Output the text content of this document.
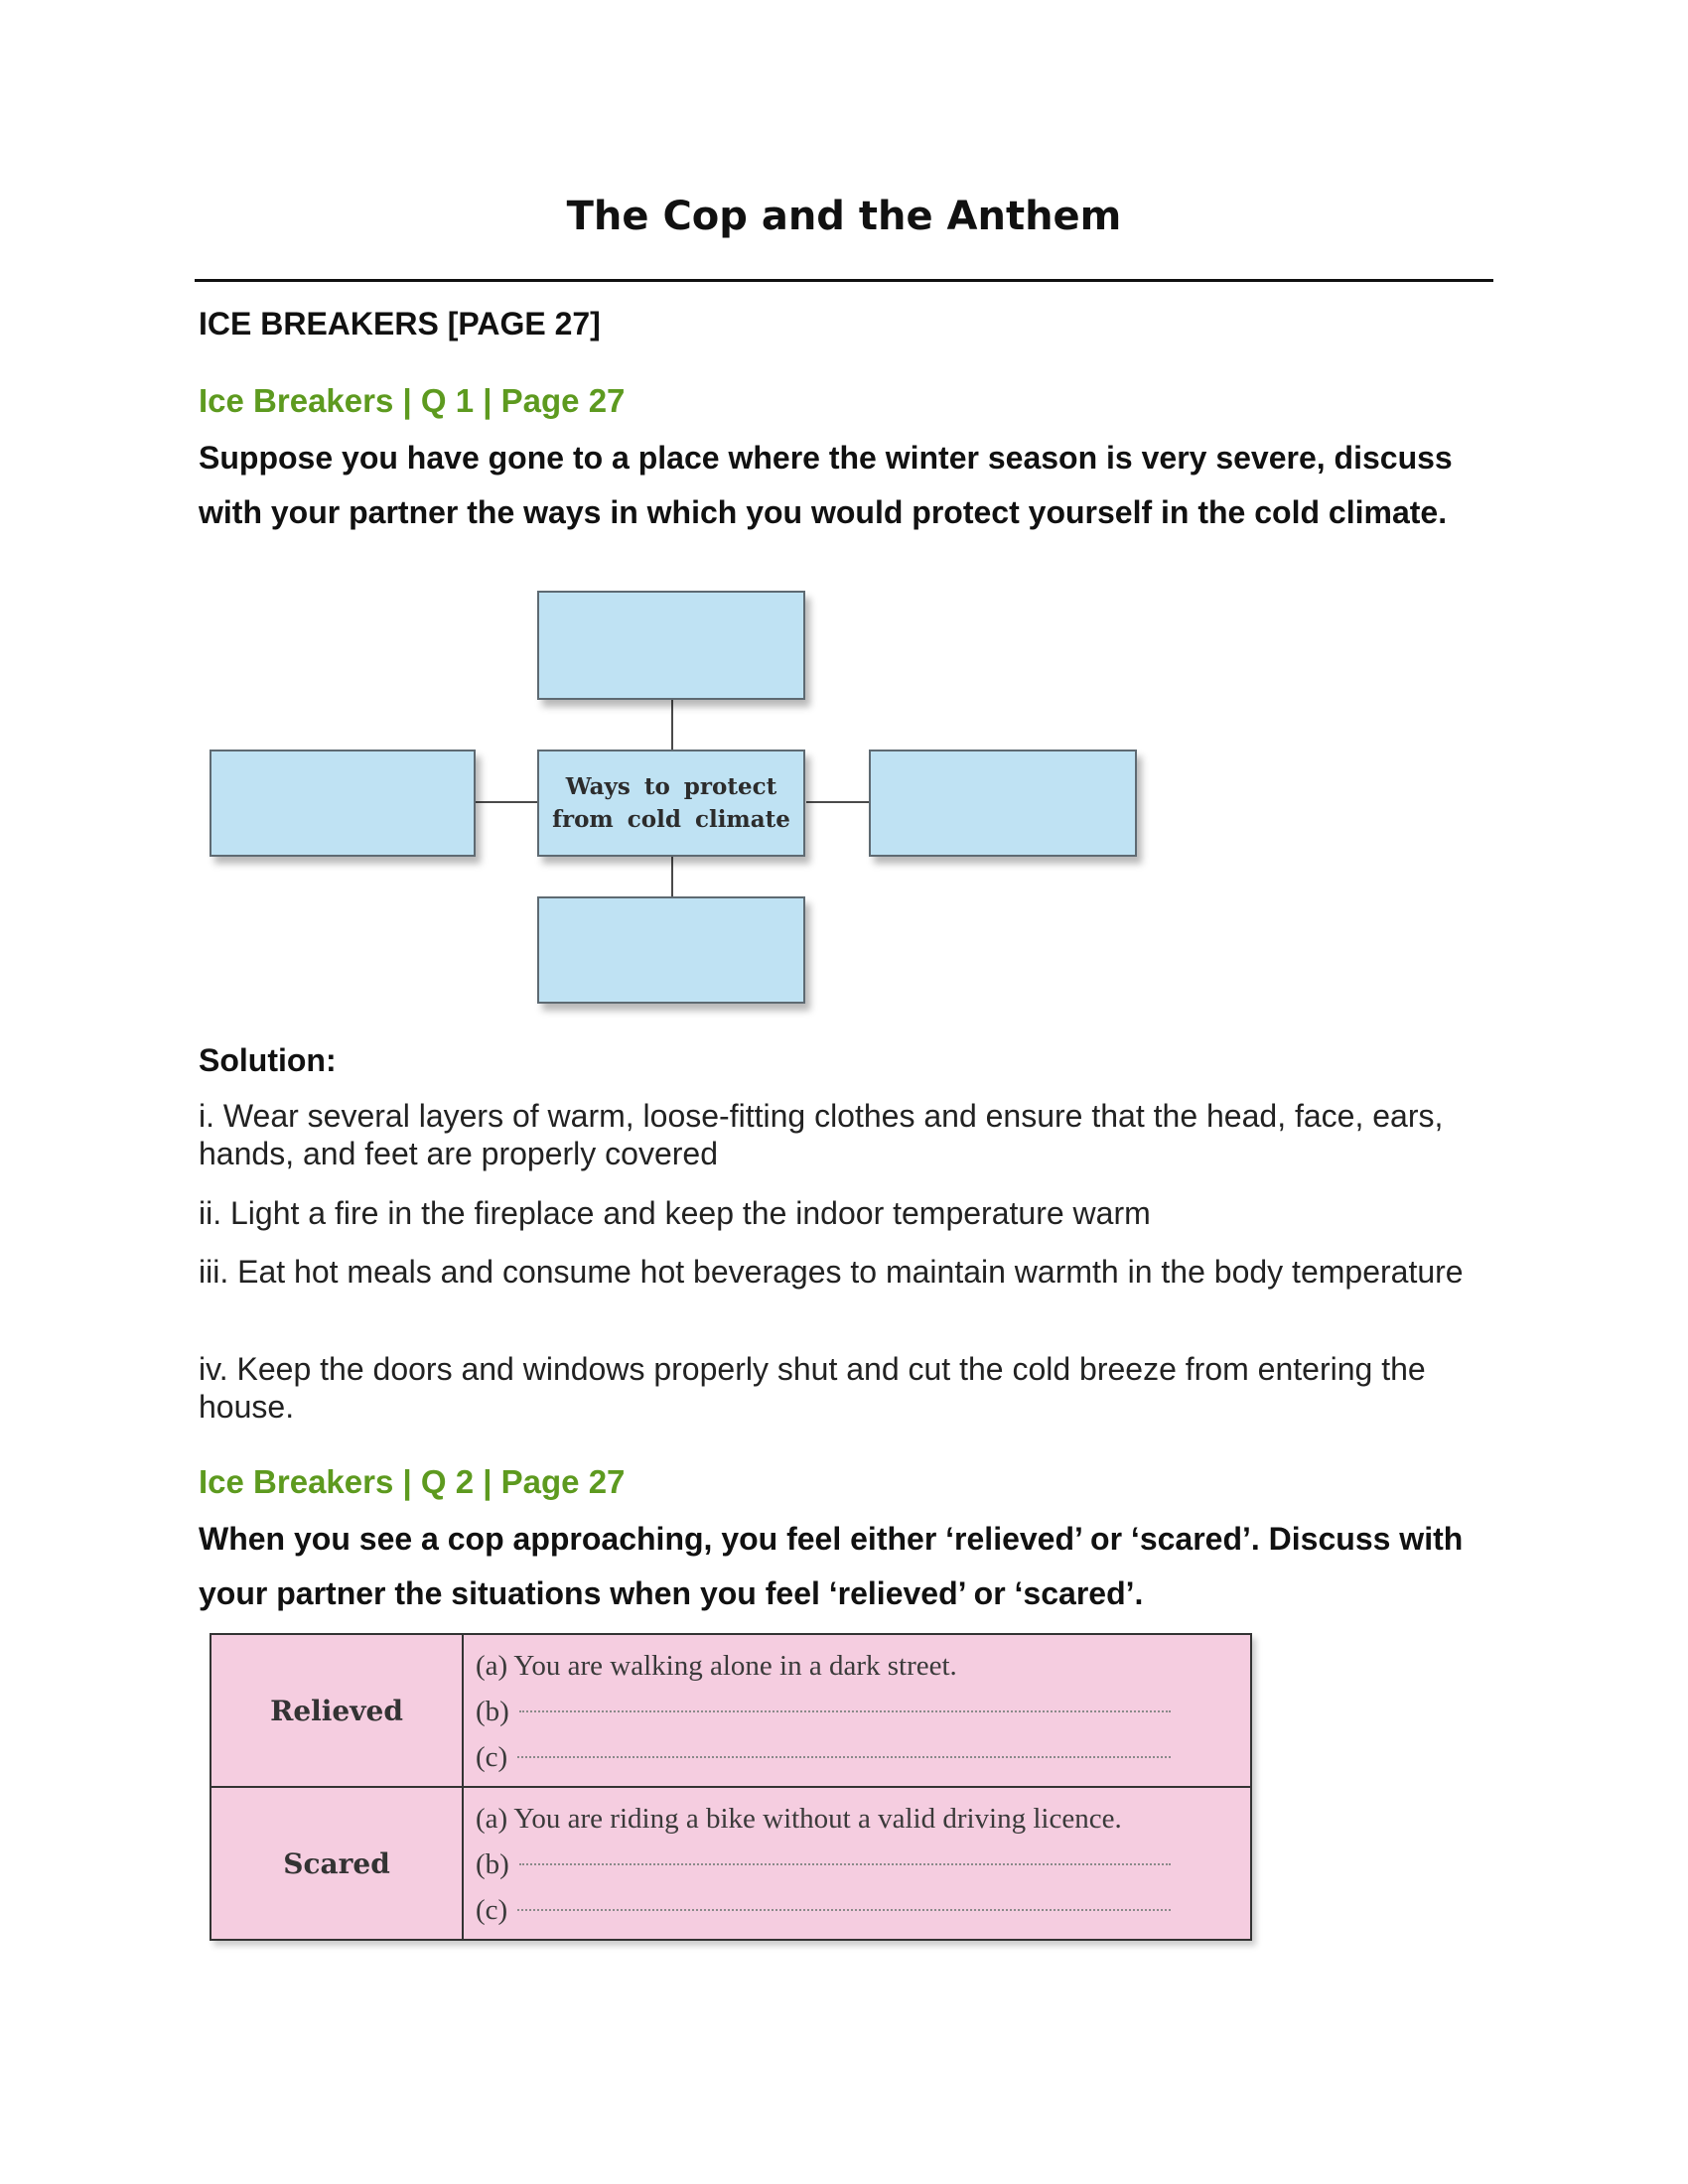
The Cop and the Anthem
ICE BREAKERS [PAGE 27]
Ice Breakers | Q 1 | Page 27

Suppose you have gone to a place where the winter season is very severe, discuss with your partner the ways in which you would protect yourself in the cold climate.

Ways to protect
from cold climate

Solution:

i. Wear several layers of warm, loose-fitting clothes and ensure that the head, face, ears, hands, and feet are properly covered

ii. Light a fire in the fireplace and keep the indoor temperature warm

iii. Eat hot meals and consume hot beverages to maintain warmth in the body temperature

iv. Keep the doors and windows properly shut and cut the cold breeze from entering the house.

Ice Breakers | Q 2 | Page 27

When you see a cop approaching, you feel either ‘relieved’ or ‘scared’. Discuss with your partner the situations when you feel ‘relieved’ or ‘scared’.

Relieved	(a) You are walking alone in a dark street.
(b)
(c)

Scared	(a) You are riding a bike without a valid driving licence.
(b)
(c)
